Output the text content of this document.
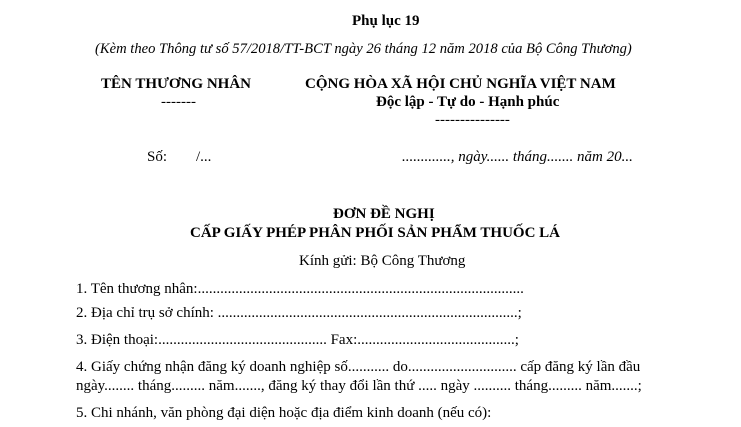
Phụ lục 19
(Kèm theo Thông tư số 57/2018/TT-BCT ngày 26 tháng 12 năm 2018 của Bộ Công Thương)
TÊN THƯƠNG NHÂN
-------
CỘNG HÒA XÃ HỘI CHỦ NGHĨA VIỆT NAM
Độc lập - Tự do - Hạnh phúc
---------------
Số: /...	............., ngày...... tháng....... năm 20...
ĐƠN ĐỀ NGHỊ
CẤP GIẤY PHÉP PHÂN PHỐI SẢN PHẨM THUỐC LÁ
Kính gửi: Bộ Công Thương
1. Tên thương nhân:.......................................................................................
2. Địa chỉ trụ sở chính: ................................................................................;
3. Điện thoại:............................................. Fax:..........................................;
4. Giấy chứng nhận đăng ký doanh nghiệp số........... do............................. cấp đăng ký lần đầu
ngày........ tháng......... năm......., đăng ký thay đổi lần thứ ..... ngày .......... tháng......... năm.......;
5. Chi nhánh, văn phòng đại diện hoặc địa điểm kinh doanh (nếu có):
